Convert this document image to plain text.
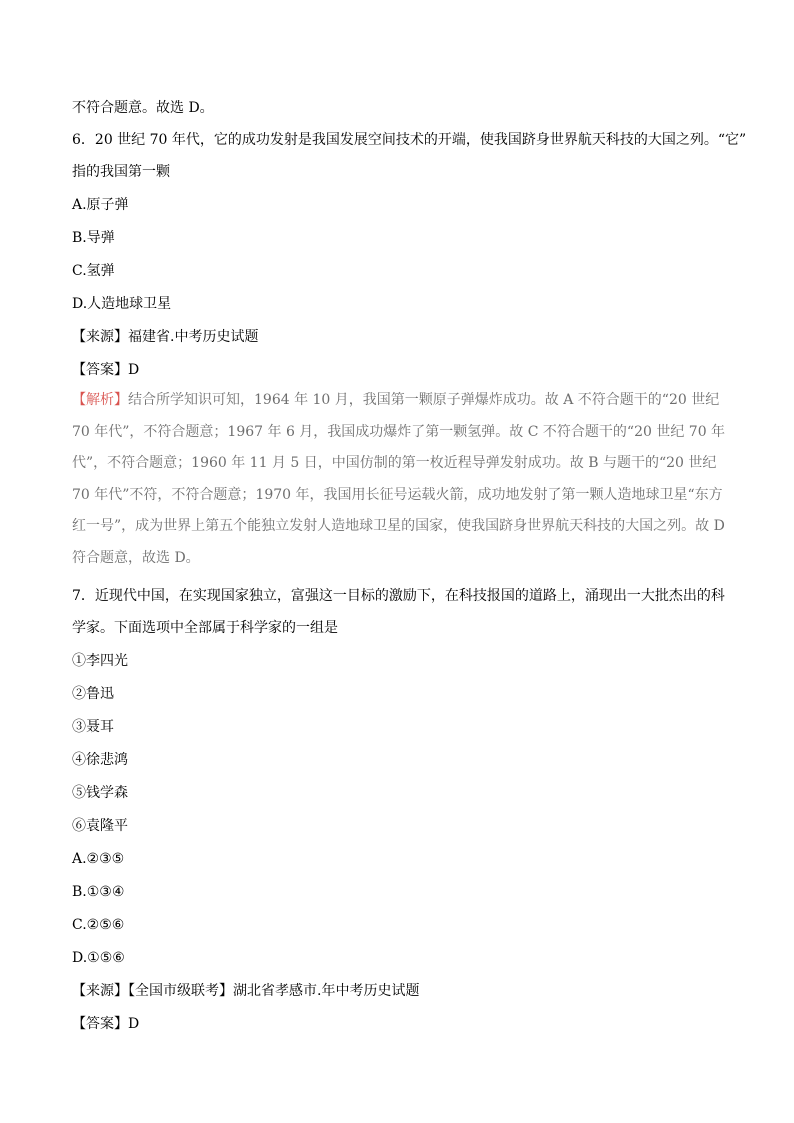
不符合题意。故选 D。
6．20 世纪 70 年代，它的成功发射是我国发展空间技术的开端，使我国跻身世界航天科技的大国之列。“它”
指的我国第一颗
A.原子弹
B.导弹
C.氢弹
D.人造地球卫星
【来源】福建省.中考历史试题
【答案】D
【解析】结合所学知识可知，1964 年 10 月，我国第一颗原子弹爆炸成功。故 A 不符合题干的“20 世纪 70 年代”，不符合题意；1967 年 6 月，我国成功爆炸了第一颗氢弹。故 C 不符合题干的“20 世纪 70 年代”，不符合题意；1960 年 11 月 5 日，中国仿制的第一枚近程导弹发射成功。故 B 与题干的“20 世纪 70 年代”不符，不符合题意；1970 年，我国用长征号运载火箭，成功地发射了第一颗人造地球卫星“东方红一号”，成为世界上第五个能独立发射人造地球卫星的国家，使我国跻身世界航天科技的大国之列。故 D 符合题意，故选 D。
7．近现代中国，在实现国家独立，富强这一目标的激励下，在科技报国的道路上，涌现出一大批杰出的科
学家。下面选项中全部属于科学家的一组是
①李四光
②鲁迅
③聂耳
④徐悲鸿
⑤钱学森
⑥袁隆平
A.②③⑤
B.①③④
C.②⑤⑥
D.①⑤⑥
【来源】【全国市级联考】湖北省孝感市.年中考历史试题
【答案】D
